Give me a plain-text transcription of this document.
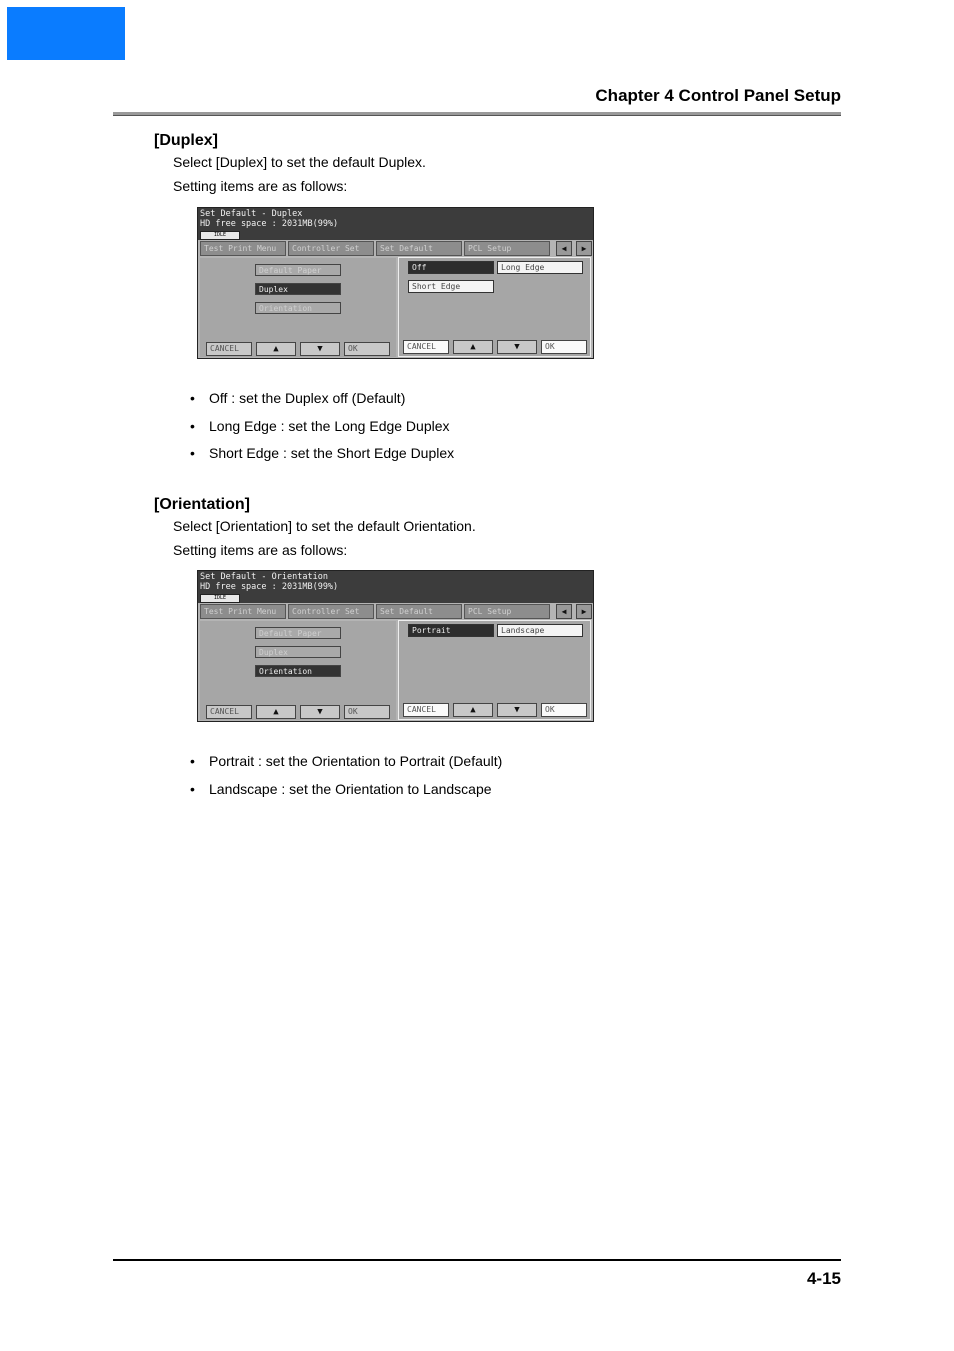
Chapter 4 Control Panel Setup
[Duplex]
Select [Duplex] to set the default Duplex.
Setting items are as follows:
Set Default - Duplex
HD free space : 2031MB(99%)
IDLE
Test Print Menu	Controller Set	Set Default	PCL Setup	◀	▶
Default Paper
Duplex
Orientation
CANCEL	▲	▼	OK
Off	Long Edge
Short Edge
CANCEL	▲	▼	OK
• Off : set the Duplex off (Default)
• Long Edge : set the Long Edge Duplex
• Short Edge : set the Short Edge Duplex
[Orientation]
Select [Orientation] to set the default Orientation.
Setting items are as follows:
Set Default - Orientation
HD free space : 2031MB(99%)
IDLE
Test Print Menu	Controller Set	Set Default	PCL Setup	◀	▶
Default Paper
Duplex
Orientation
CANCEL	▲	▼	OK
Portrait	Landscape
CANCEL	▲	▼	OK
• Portrait : set the Orientation to Portrait (Default)
• Landscape : set the Orientation to Landscape
4-15
